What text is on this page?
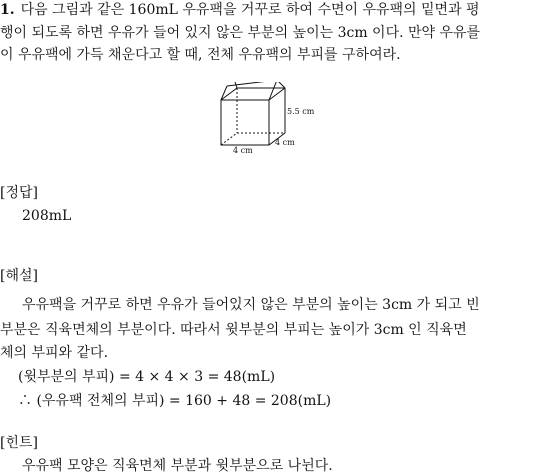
1. 다음 그림과 같은 160mL 우유팩을 거꾸로 하여 수면이 우유팩의 밑면과 평
행이 되도록 하면 우유가 들어 있지 않은 부분의 높이는 3cm 이다. 만약 우유를
이 우유팩에 가득 채운다고 할 때, 전체 우유팩의 부피를 구하여라.
5.5 cm
4 cm
4 cm
[정답]
208mL
[해설]
우유팩을 거꾸로 하면 우유가 들어있지 않은 부분의 높이는 3cm 가 되고 빈
부분은 직육면체의 부분이다. 따라서 윗부분의 부피는 높이가 3cm 인 직육면
체의 부피와 같다.
(윗부분의 부피) = 4 × 4 × 3 = 48(mL)
∴ (우유팩 전체의 부피) = 160 + 48 = 208(mL)
[힌트]
우유팩 모양은 직육면체 부분과 윗부분으로 나뉜다.
